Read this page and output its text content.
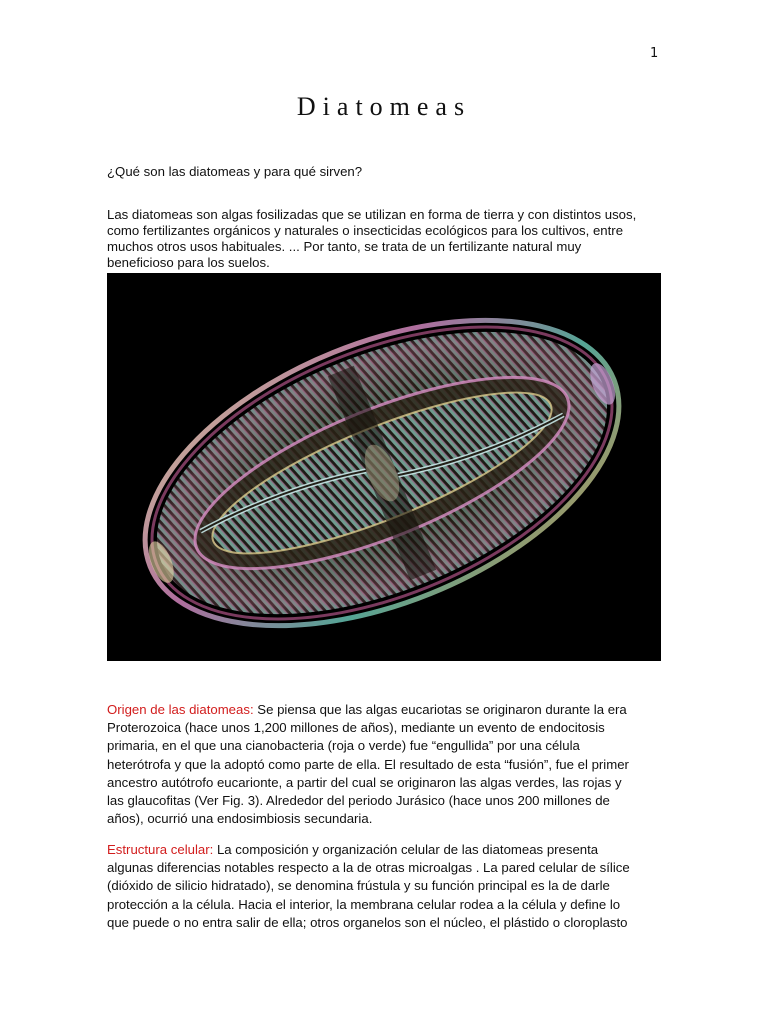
1
Diatomeas
¿Qué son las diatomeas y para qué sirven?
Las diatomeas son algas fosilizadas que se utilizan en forma de tierra y con distintos usos,
como fertilizantes orgánicos y naturales o insecticidas ecológicos para los cultivos, entre
muchos otros usos habituales. ... Por tanto, se trata de un fertilizante natural muy
beneficioso para los suelos.
Origen de las diatomeas: Se piensa que las algas eucariotas se originaron durante la era
Proterozoica (hace unos 1,200 millones de años), mediante un evento de endocitosis
primaria, en el que una cianobacteria (roja o verde) fue “engullida” por una célula
heterótrofa y que la adoptó como parte de ella. El resultado de esta “fusión”, fue el primer
ancestro autótrofo eucarionte, a partir del cual se originaron las algas verdes, las rojas y
las glaucofitas (Ver Fig. 3). Alrededor del periodo Jurásico (hace unos 200 millones de
años), ocurrió una endosimbiosis secundaria.
Estructura celular: La composición y organización celular de las diatomeas presenta
algunas diferencias notables respecto a la de otras microalgas . La pared celular de sílice
(dióxido de silicio hidratado), se denomina frústula y su función principal es la de darle
protección a la célula. Hacia el interior, la membrana celular rodea a la célula y define lo
que puede o no entra salir de ella; otros organelos son el núcleo, el plástido o cloroplasto
